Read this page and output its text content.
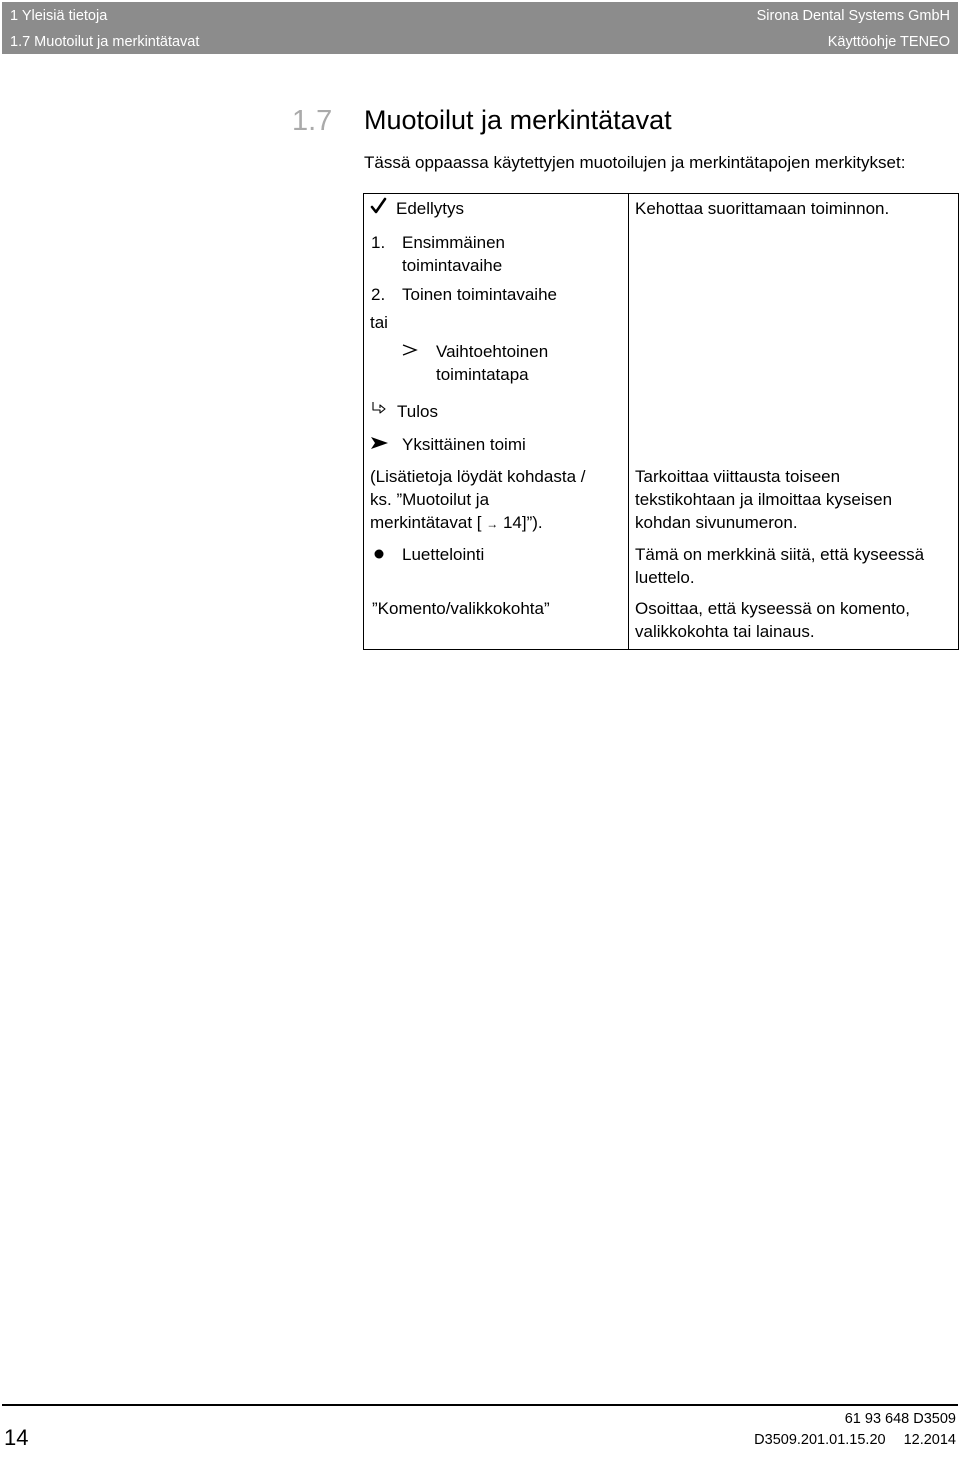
1 Yleisiä tietoja
1.7 Muotoilut ja merkintätavat
Sirona Dental Systems GmbH
Käyttöohje TENEO
1.7 Muotoilut ja merkintätavat
Tässä oppaassa käytettyjen muotoilujen ja merkintätapojen merkitykset:
Edellytys
1. Ensimmäinen
toimintavaihe
2. Toinen toimintavaihe
tai
Vaihtoehtoinen
toimintatapa
Tulos
Yksittäinen toimi
Kehottaa suorittamaan toiminnon.
(Lisätietoja löydät kohdasta /
ks. ”Muotoilut ja
merkintätavat [ → 14]”).
Tarkoittaa viittausta toiseen
tekstikohtaan ja ilmoittaa kyseisen
kohdan sivunumeron.
Luettelointi	Tämä on merkkinä siitä, että kyseessä
luettelo.
”Komento/valikkokohta”	Osoittaa, että kyseessä on komento,
valikkokohta tai lainaus.
14
61 93 648 D3509
D3509.201.01.15.20 12.2014
